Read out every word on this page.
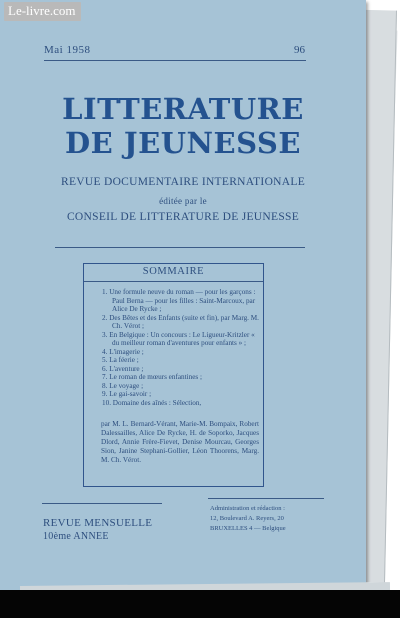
Mai 1958	96
LITTERATURE
DE JEUNESSE
REVUE DOCUMENTAIRE INTERNATIONALE
éditée par le
CONSEIL DE LITTERATURE DE JEUNESSE
SOMMAIRE
1. Une formule neuve du roman — pour les garçons : Paul Berna — pour les filles : Saint-Marcoux, par Alice De Rycke ;
2. Des Bêtes et des Enfants (suite et fin), par Marg. M. Ch. Vérot ;
3. En Belgique : Un concours : Le Ligueur-Kritzler « du meilleur roman d'aventures pour enfants » ;
4. L'imagerie ;
5. La féerie ;
6. L'aventure ;
7. Le roman de mœurs enfantines ;
8. Le voyage ;
9. Le gai-savoir ;
10. Domaine des aînés : Sélection,
par M. L. Bernard-Vérant, Marie-M. Bompaix, Robert Dalessailles, Alice De Rycke, H. de Soporko, Jacques Dlord, Annie Frère-Fievet, Denise Mourcau, Georges Sion, Janine Stephani-Gollier, Léon Thoorens, Marg. M. Ch. Vérot.
REVUE MENSUELLE
10ème ANNEE
Administration et rédaction :
12, Boulevard A. Reyers, 20
BRUXELLES 4 — Belgique
Le-livre.com
